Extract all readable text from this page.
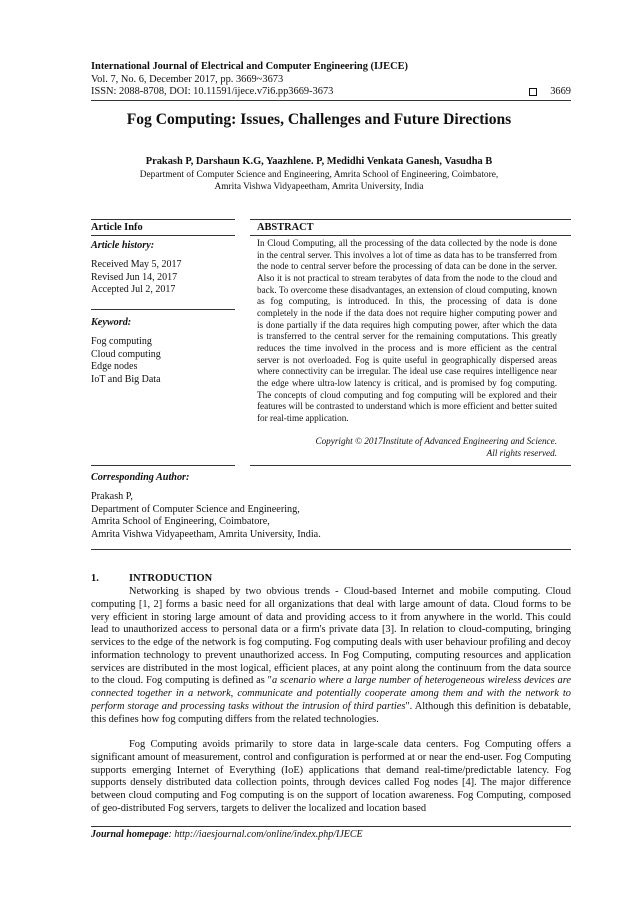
International Journal of Electrical and Computer Engineering (IJECE)
Vol. 7, No. 6, December 2017, pp. 3669~3673
ISSN: 2088-8708, DOI: 10.11591/ijece.v7i6.pp3669-3673	3669
Fog Computing: Issues, Challenges and Future Directions
Prakash P, Darshaun K.G, Yaazhlene. P, Medidhi Venkata Ganesh, Vasudha B
Department of Computer Science and Engineering, Amrita School of Engineering, Coimbatore,
Amrita Vishwa Vidyapeetham, Amrita University, India
Article Info
Article history:
Received May 5, 2017
Revised Jun 14, 2017
Accepted Jul 2, 2017
Keyword:
Fog computing
Cloud computing
Edge nodes
IoT and Big Data
ABSTRACT
In Cloud Computing, all the processing of the data collected by the node is done in the central server. This involves a lot of time as data has to be transferred from the node to central server before the processing of data can be done in the server. Also it is not practical to stream terabytes of data from the node to the cloud and back. To overcome these disadvantages, an extension of cloud computing, known as fog computing, is introduced. In this, the processing of data is done completely in the node if the data does not require higher computing power and is done partially if the data requires high computing power, after which the data is transferred to the central server for the remaining computations. This greatly reduces the time involved in the process and is more efficient as the central server is not overloaded. Fog is quite useful in geographically dispersed areas where connectivity can be irregular. The ideal use case requires intelligence near the edge where ultra-low latency is critical, and is promised by fog computing. The concepts of cloud computing and fog computing will be explored and their features will be contrasted to understand which is more efficient and better suited for real-time application.
Copyright © 2017Institute of Advanced Engineering and Science.
All rights reserved.
Corresponding Author:
Prakash P,
Department of Computer Science and Engineering,
Amrita School of Engineering, Coimbatore,
Amrita Vishwa Vidyapeetham, Amrita University, India.
1.	INTRODUCTION
Networking is shaped by two obvious trends - Cloud-based Internet and mobile computing. Cloud computing [1, 2] forms a basic need for all organizations that deal with large amount of data. Cloud forms to be very efficient in storing large amount of data and providing access to it from anywhere in the world. This could lead to unauthorized access to personal data or a firm's private data [3]. In relation to cloud-computing, bringing services to the edge of the network is fog computing. Fog computing deals with user behaviour profiling and decoy information technology to prevent unauthorized access. In Fog Computing, computing resources and application services are distributed in the most logical, efficient places, at any point along the continuum from the data source to the cloud. Fog computing is defined as "a scenario where a large number of heterogeneous wireless devices are connected together in a network, communicate and potentially cooperate among them and with the network to perform storage and processing tasks without the intrusion of third parties". Although this definition is debatable, this defines how fog computing differs from the related technologies.
Fog Computing avoids primarily to store data in large-scale data centers. Fog Computing offers a significant amount of measurement, control and configuration is performed at or near the end-user. Fog Computing supports emerging Internet of Everything (IoE) applications that demand real-time/predictable latency. Fog supports densely distributed data collection points, through devices called Fog nodes [4]. The major difference between cloud computing and Fog computing is on the support of location awareness. Fog Computing, composed of geo-distributed Fog servers, targets to deliver the localized and location based
Journal homepage: http://iaesjournal.com/online/index.php/IJECE
